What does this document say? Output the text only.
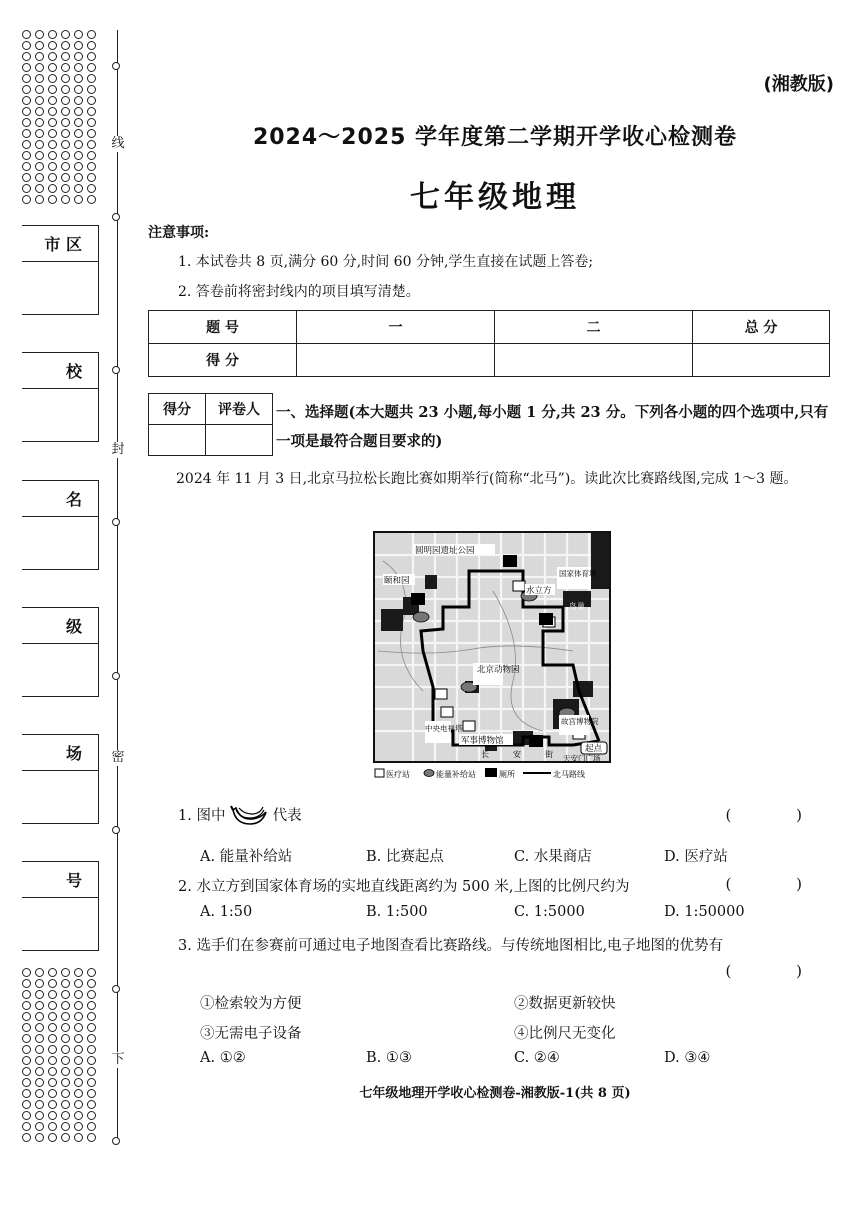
线
封
密
下
市 区
校
名
级
场
号
(湘教版)
2024～2025 学年度第二学期开学收心检测卷
七年级地理
注意事项:
1. 本试卷共 8 页,满分 60 分,时间 60 分钟,学生直接在试题上答卷;
2. 答卷前将密封线内的项目填写清楚。
题 号	一	二	总 分
得 分			
得分	评卷人
	一、选择题(本大题共 23 小题,每小题 1 分,共 23 分。下列各小题的四个选项中,只有一项是最符合题目要求的)
2024 年 11 月 3 日,北京马拉松长跑比赛如期举行(简称“北马”)。读此次比赛路线图,完成 1～3 题。
圆明园遗址公园
颐和园
水立方
国家体育场
鸟巢
北京动物园
中央电视塔
军事博物馆
故宫博物院
起点
天安门广场
长	安	街
医疗站	能量补给站	厕所	北马路线
1. 图中	代表	( )
A. 能量补给站	B. 比赛起点	C. 水果商店	D. 医疗站
2. 水立方到国家体育场的实地直线距离约为 500 米,上图的比例尺约为	( )
A. 1:50	B. 1:500	C. 1:5000	D. 1:50000
3. 选手们在参赛前可通过电子地图查看比赛路线。与传统地图相比,电子地图的优势有
( )
①检索较为方便	②数据更新较快
③无需电子设备	④比例尺无变化
A. ①②	B. ①③	C. ②④	D. ③④
七年级地理开学收心检测卷-湘教版-1(共 8 页)
